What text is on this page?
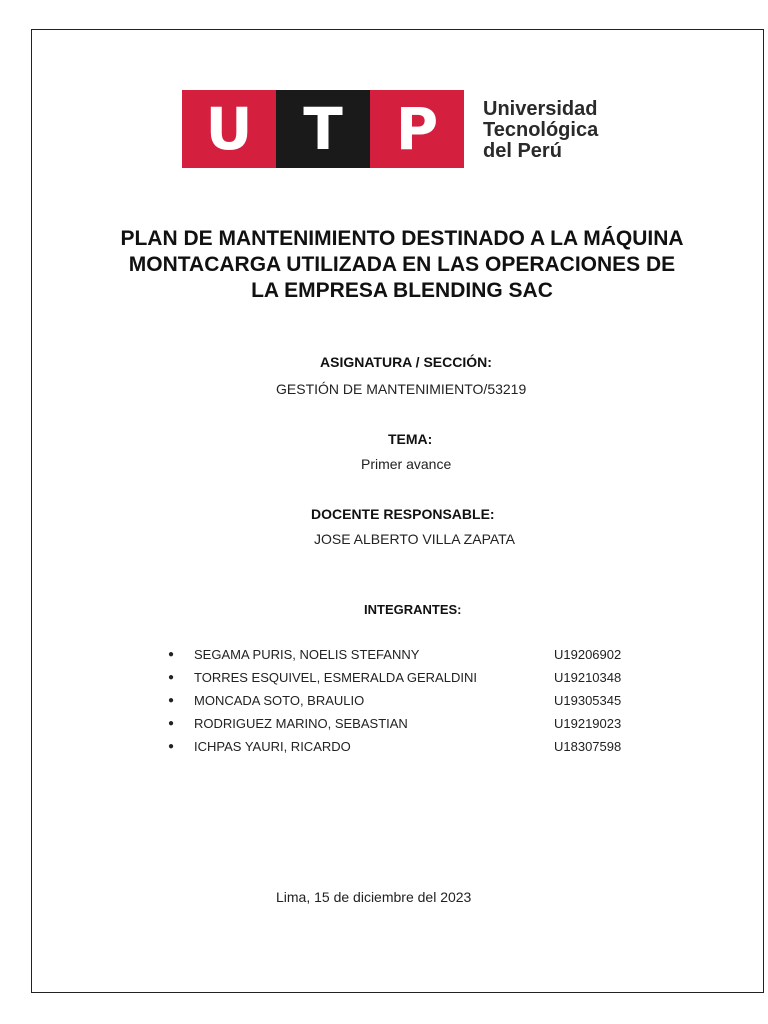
U T P	Universidad
Tecnológica
del Perú
PLAN DE MANTENIMIENTO DESTINADO A LA MÁQUINA
MONTACARGA UTILIZADA EN LAS OPERACIONES DE
LA EMPRESA BLENDING SAC
ASIGNATURA / SECCIÓN:
GESTIÓN DE MANTENIMIENTO/53219
TEMA:
Primer avance
DOCENTE RESPONSABLE:
JOSE ALBERTO VILLA ZAPATA
INTEGRANTES:
● SEGAMA PURIS, NOELIS STEFANNY	U19206902
● TORRES ESQUIVEL, ESMERALDA GERALDINI	U19210348
● MONCADA SOTO, BRAULIO	U19305345
● RODRIGUEZ MARINO, SEBASTIAN	U19219023
● ICHPAS YAURI, RICARDO	U18307598
Lima, 15 de diciembre del 2023
